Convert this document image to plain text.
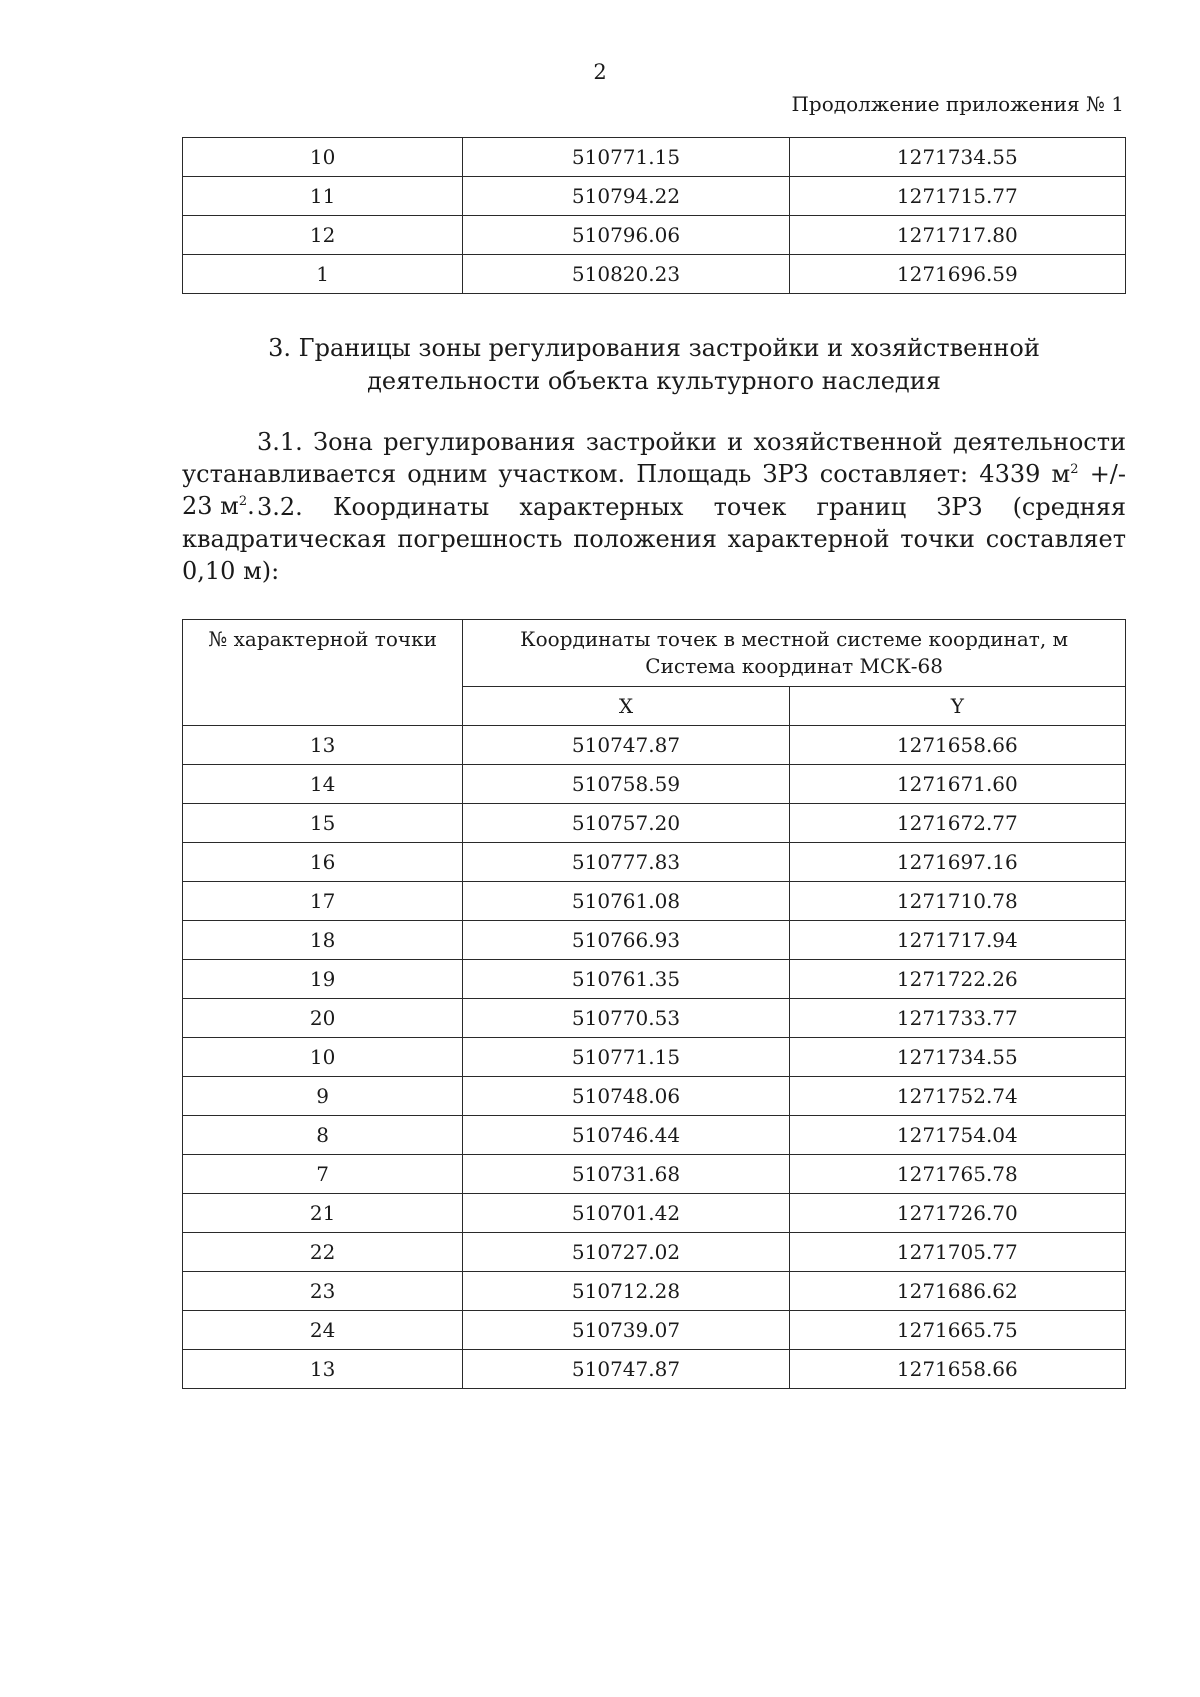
2
Продолжение приложения № 1
10	510771.15	1271734.55
11	510794.22	1271715.77
12	510796.06	1271717.80
1	510820.23	1271696.59
3. Границы зоны регулирования застройки и хозяйственной
деятельности объекта культурного наследия
3.1. Зона регулирования застройки и хозяйственной деятельности устанавливается одним участком. Площадь ЗРЗ составляет: 4339 $м^2$ +/- 23 $м^2$. 3.2. Координаты характерных точек границ ЗРЗ (средняя
квадратическая погрешность положения характерной точки составляет 0,10 м):
№ характерной точки	Координаты точек в местной системе координат, м
Система координат МСК-68	

	X	Y
13	510747.87	1271658.66
14	510758.59	1271671.60
15	510757.20	1271672.77
16	510777.83	1271697.16
17	510761.08	1271710.78
18	510766.93	1271717.94
19	510761.35	1271722.26
20	510770.53	1271733.77
10	510771.15	1271734.55
9	510748.06	1271752.74
8	510746.44	1271754.04
7	510731.68	1271765.78
21	510701.42	1271726.70
22	510727.02	1271705.77
23	510712.28	1271686.62
24	510739.07	1271665.75
13	510747.87	1271658.66
